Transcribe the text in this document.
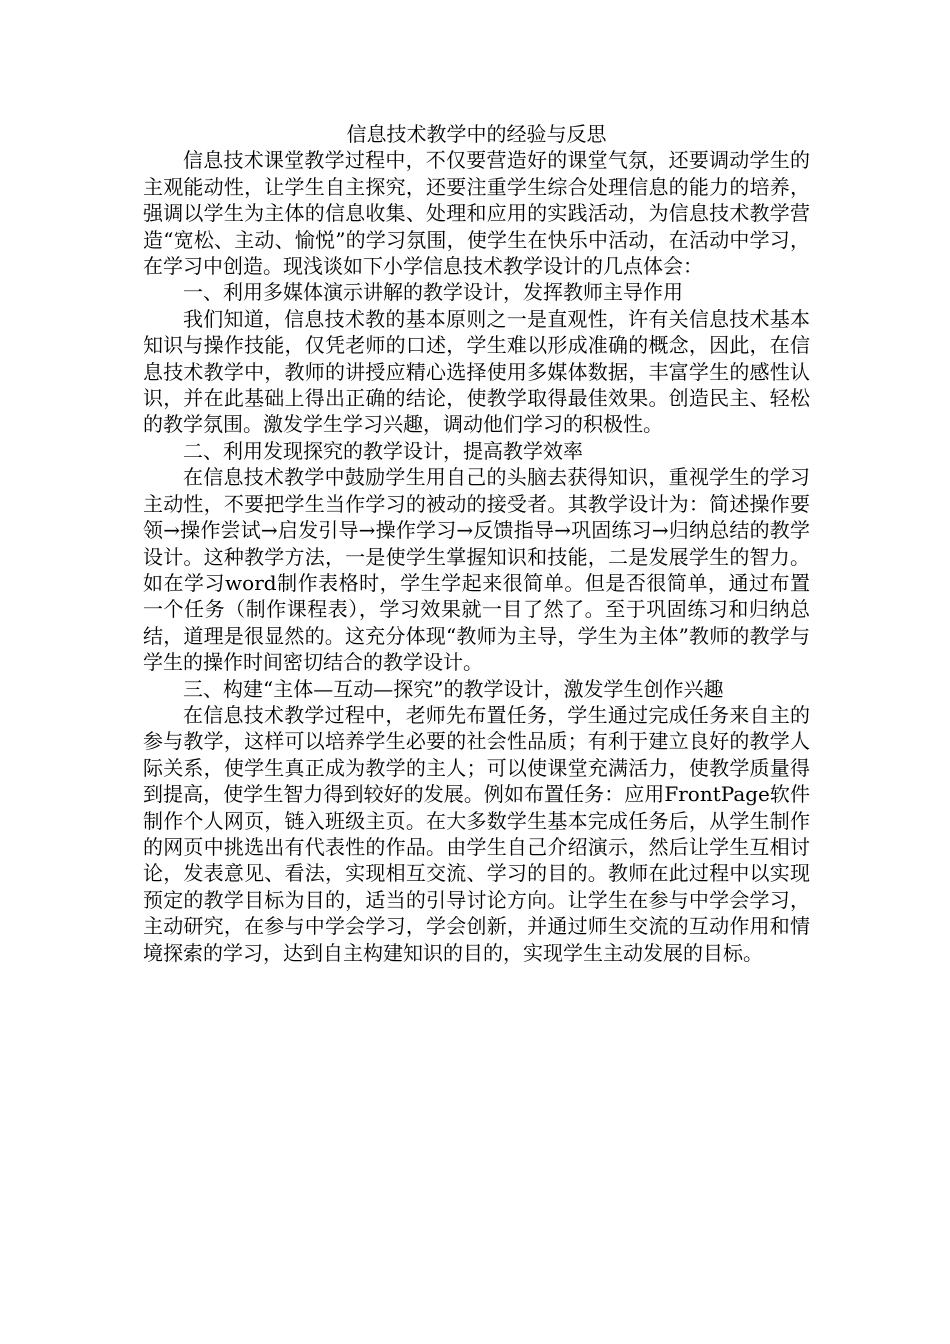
信息技术教学中的经验与反思

信息技术课堂教学过程中，不仅要营造好的课堂气氛，还要调动学生的主观能动性，让学生自主探究，还要注重学生综合处理信息的能力的培养，强调以学生为主体的信息收集、处理和应用的实践活动，为信息技术教学营造“宽松、主动、愉悦”的学习氛围，使学生在快乐中活动，在活动中学习，在学习中创造。现浅谈如下小学信息技术教学设计的几点体会：

一、利用多媒体演示讲解的教学设计，发挥教师主导作用

我们知道，信息技术教的基本原则之一是直观性，许有关信息技术基本知识与操作技能，仅凭老师的口述，学生难以形成准确的概念，因此，在信息技术教学中，教师的讲授应精心选择使用多媒体数据，丰富学生的感性认识，并在此基础上得出正确的结论，使教学取得最佳效果。创造民主、轻松的教学氛围。激发学生学习兴趣，调动他们学习的积极性。

二、利用发现探究的教学设计，提高教学效率

在信息技术教学中鼓励学生用自己的头脑去获得知识，重视学生的学习主动性，不要把学生当作学习的被动的接受者。其教学设计为：简述操作要领→操作尝试→启发引导→操作学习→反馈指导→巩固练习→归纳总结的教学设计。这种教学方法，一是使学生掌握知识和技能，二是发展学生的智力。如在学习word制作表格时，学生学起来很简单。但是否很简单，通过布置一个任务（制作课程表），学习效果就一目了然了。至于巩固练习和归纳总结，道理是很显然的。这充分体现“教师为主导，学生为主体”教师的教学与学生的操作时间密切结合的教学设计。

三、构建“主体—互动—探究”的教学设计，激发学生创作兴趣

在信息技术教学过程中，老师先布置任务，学生通过完成任务来自主的参与教学，这样可以培养学生必要的社会性品质；有利于建立良好的教学人际关系，使学生真正成为教学的主人；可以使课堂充满活力，使教学质量得到提高，使学生智力得到较好的发展。例如布置任务：应用FrontPage软件制作个人网页，链入班级主页。在大多数学生基本完成任务后，从学生制作的网页中挑选出有代表性的作品。由学生自己介绍演示，然后让学生互相讨论，发表意见、看法，实现相互交流、学习的目的。教师在此过程中以实现预定的教学目标为目的，适当的引导讨论方向。让学生在参与中学会学习，主动研究，在参与中学会学习，学会创新，并通过师生交流的互动作用和情境探索的学习，达到自主构建知识的目的，实现学生主动发展的目标。
